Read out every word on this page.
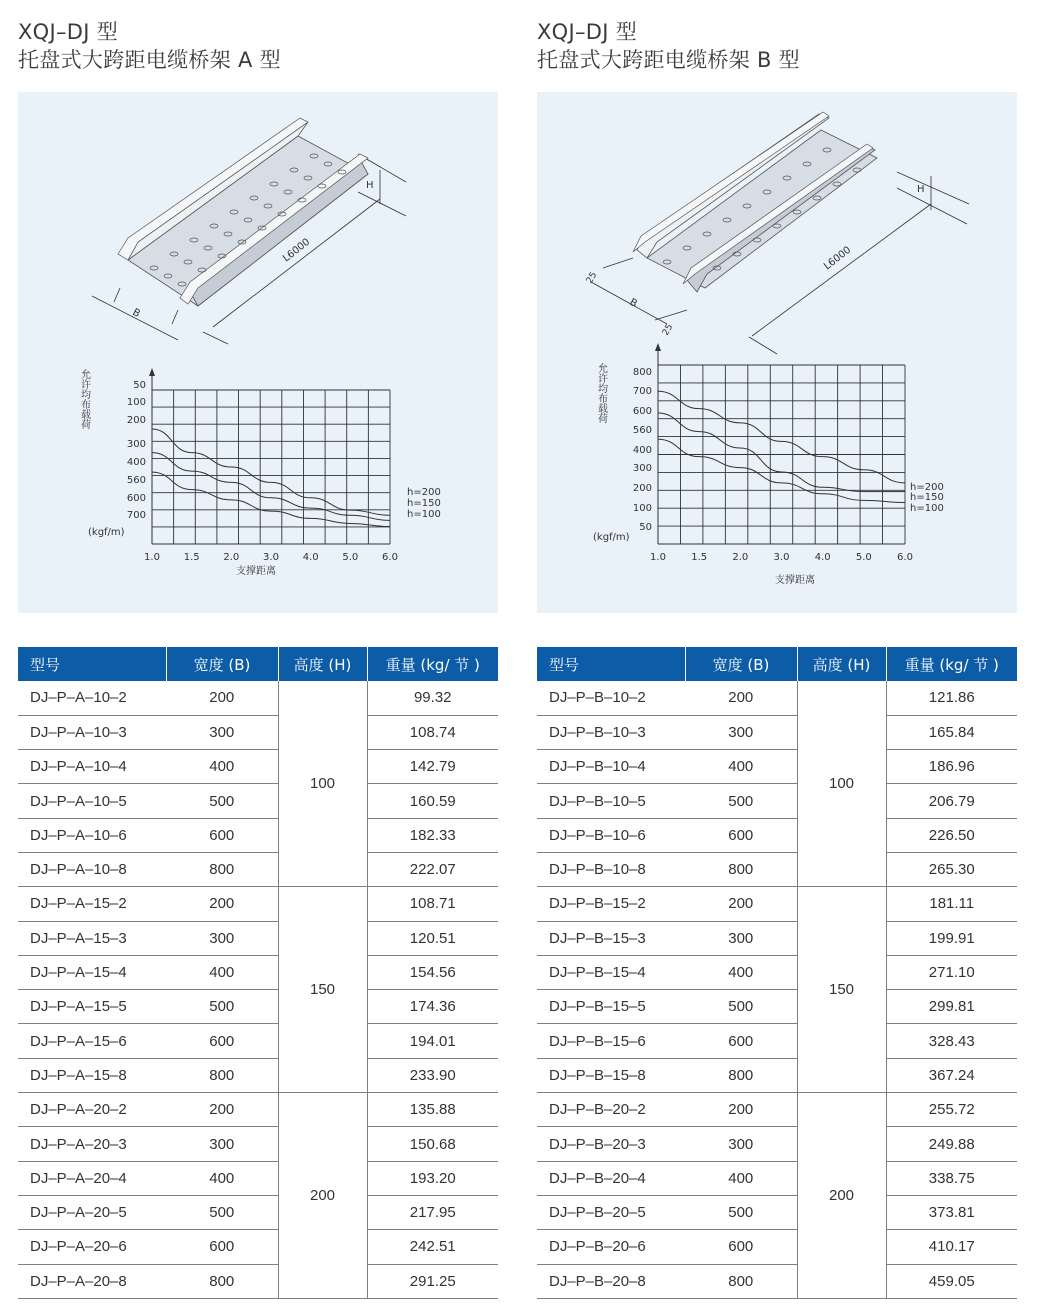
XQJ–DJ 型
托盘式大跨距电缆桥架 A 型
B
L6000
H
1.0 1.5 2.0 3.0 4.0 5.0 6.0
50
100
200
300
400
560
600
700
允许均布载荷
(kgf/m)
支撑距离
h=200
h=150
h=100
型号	宽度 (B)	高度 (H)	重量 (kg/ 节 )
DJ–P–A–10–2	200	100	99.32
DJ–P–A–10–3	300		108.74
DJ–P–A–10–4	400		142.79
DJ–P–A–10–5	500		160.59
DJ–P–A–10–6	600		182.33
DJ–P–A–10–8	800		222.07
DJ–P–A–15–2	200	150	108.71
DJ–P–A–15–3	300		120.51
DJ–P–A–15–4	400		154.56
DJ–P–A–15–5	500		174.36
DJ–P–A–15–6	600		194.01
DJ–P–A–15–8	800		233.90
DJ–P–A–20–2	200	200	135.88
DJ–P–A–20–3	300		150.68
DJ–P–A–20–4	400		193.20
DJ–P–A–20–5	500		217.95
DJ–P–A–20–6	600		242.51
DJ–P–A–20–8	800		291.25
XQJ–DJ 型
托盘式大跨距电缆桥架 B 型
B
L6000
H
25
25
1.0	1.5	2.0	3.0	4.0	5.0	6.0
50
100
200
300
400
560
600
700
800
允许均布载荷
(kgf/m)
支撑距离
h=200
h=150
h=100
型号	宽度 (B)	高度 (H)	重量 (kg/ 节 )
DJ–P–B–10–2	200	100	121.86
DJ–P–B–10–3	300		165.84
DJ–P–B–10–4	400		186.96
DJ–P–B–10–5	500		206.79
DJ–P–B–10–6	600		226.50
DJ–P–B–10–8	800		265.30
DJ–P–B–15–2	200	150	181.11
DJ–P–B–15–3	300		199.91
DJ–P–B–15–4	400		271.10
DJ–P–B–15–5	500		299.81
DJ–P–B–15–6	600		328.43
DJ–P–B–15–8	800		367.24
DJ–P–B–20–2	200	200	255.72
DJ–P–B–20–3	300		249.88
DJ–P–B–20–4	400		338.75
DJ–P–B–20–5	500		373.81
DJ–P–B–20–6	600		410.17
DJ–P–B–20–8	800		459.05
